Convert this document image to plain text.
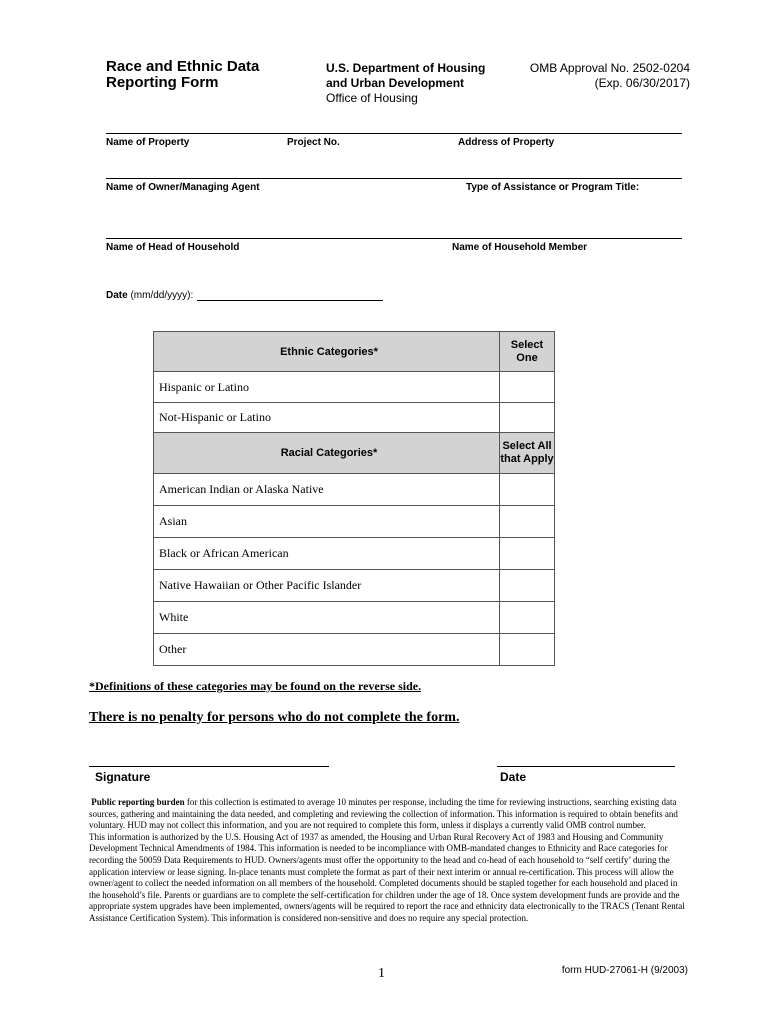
Race and Ethnic Data
Reporting Form
U.S. Department of Housing
and Urban Development
Office of Housing
OMB Approval No. 2502-0204
(Exp. 06/30/2017)
Name of Property	Project No.	Address of Property
Name of Owner/Managing Agent	Type of Assistance or Program Title:
Name of Head of Household	Name of Household Member
Date (mm/dd/yyyy):
Ethnic Categories*	Select One
Hispanic or Latino	
Not-Hispanic or Latino	
Racial Categories*	Select All that Apply
American Indian or Alaska Native	
Asian	
Black or African American	
Native Hawaiian or Other Pacific Islander	
White	
Other	
*Definitions of these categories may be found on the reverse side.
There is no penalty for persons who do not complete the form.
Signature	Date

Public reporting burden for this collection is estimated to average 10 minutes per response, including the time for reviewing instructions, searching existing data sources, gathering and maintaining the data needed, and completing and reviewing the collection of information. This information is required to obtain benefits and voluntary. HUD may not collect this information, and you are not required to complete this form, unless it displays a currently valid OMB control number.

This information is authorized by the U.S. Housing Act of 1937 as amended, the Housing and Urban Rural Recovery Act of 1983 and Housing and Community Development Technical Amendments of 1984. This information is needed to be incompliance with OMB-mandated changes to Ethnicity and Race categories for recording the 50059 Data Requirements to HUD. Owners/agents must offer the opportunity to the head and co-head of each household to “self certify’ during the application interview or lease signing. In-place tenants must complete the format as part of their next interim or annual re-certification. This process will allow the owner/agent to collect the needed information on all members of the household. Completed documents should be stapled together for each household and placed in the household’s file. Parents or guardians are to complete the self-certification for children under the age of 18. Once system development funds are provide and the appropriate system upgrades have been implemented, owners/agents will be required to report the race and ethnicity data electronically to the TRACS (Tenant Rental Assistance Certification System). This information is considered non-sensitive and does no require any special protection.

1	form HUD-27061-H (9/2003)
